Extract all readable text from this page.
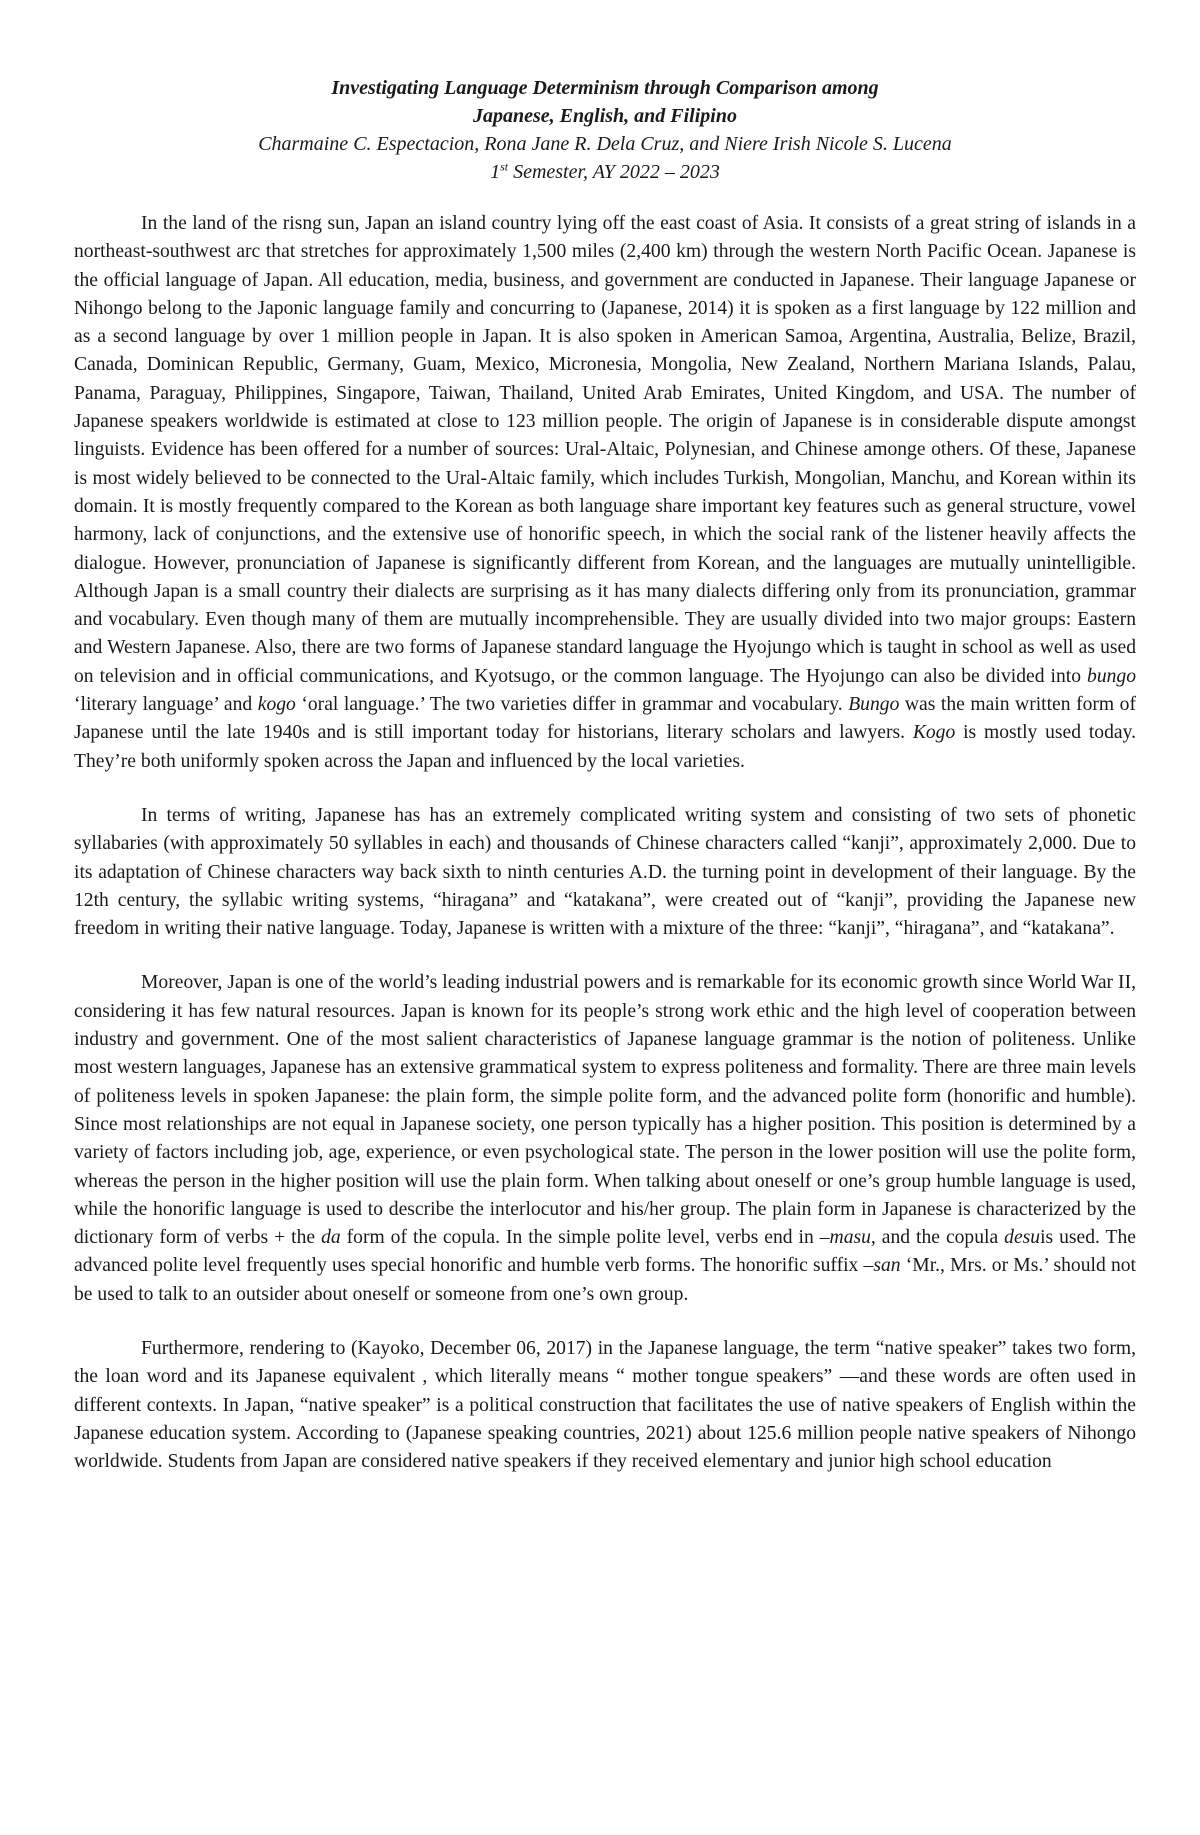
Investigating Language Determinism through Comparison among
Japanese, English, and Filipino
Charmaine C. Espectacion, Rona Jane R. Dela Cruz, and Niere Irish Nicole S. Lucena
1st Semester, AY 2022 – 2023

In the land of the risng sun, Japan an island country lying off the east coast of Asia. It consists of a great string of islands in a northeast-southwest arc that stretches for approximately 1,500 miles (2,400 km) through the western North Pacific Ocean. Japanese is the official language of Japan. All education, media, business, and government are conducted in Japanese. Their language Japanese or Nihongo belong to the Japonic language family and concurring to (Japanese, 2014) it is spoken as a first language by 122 million and as a second language by over 1 million people in Japan. It is also spoken in American Samoa, Argentina, Australia, Belize, Brazil, Canada, Dominican Republic, Germany, Guam, Mexico, Micronesia, Mongolia, New Zealand, Northern Mariana Islands, Palau, Panama, Paraguay, Philippines, Singapore, Taiwan, Thailand, United Arab Emirates, United Kingdom, and USA. The number of Japanese speakers worldwide is estimated at close to 123 million people. The origin of Japanese is in considerable dispute amongst linguists. Evidence has been offered for a number of sources: Ural-Altaic, Polynesian, and Chinese amonge others. Of these, Japanese is most widely believed to be connected to the Ural-Altaic family, which includes Turkish, Mongolian, Manchu, and Korean within its domain. It is mostly frequently compared to the Korean as both language share important key features such as general structure, vowel harmony, lack of conjunctions, and the extensive use of honorific speech, in which the social rank of the listener heavily affects the dialogue. However, pronunciation of Japanese is significantly different from Korean, and the languages are mutually unintelligible. Although Japan is a small country their dialects are surprising as it has many dialects differing only from its pronunciation, grammar and vocabulary. Even though many of them are mutually incomprehensible. They are usually divided into two major groups: Eastern and Western Japanese. Also, there are two forms of Japanese standard language the Hyojungo which is taught in school as well as used on television and in official communications, and Kyotsugo, or the common language. The Hyojungo can also be divided into bungo ‘literary language’ and kogo ‘oral language.’ The two varieties differ in grammar and vocabulary. Bungo was the main written form of Japanese until the late 1940s and is still important today for historians, literary scholars and lawyers. Kogo is mostly used today. They’re both uniformly spoken across the Japan and influenced by the local varieties.

In terms of writing, Japanese has has an extremely complicated writing system and consisting of two sets of phonetic syllabaries (with approximately 50 syllables in each) and thousands of Chinese characters called “kanji”, approximately 2,000. Due to its adaptation of Chinese characters way back sixth to ninth centuries A.D. the turning point in development of their language. By the 12th century, the syllabic writing systems, “hiragana” and “katakana”, were created out of “kanji”, providing the Japanese new freedom in writing their native language. Today, Japanese is written with a mixture of the three: “kanji”, “hiragana”, and “katakana”.

Moreover, Japan is one of the world’s leading industrial powers and is remarkable for its economic growth since World War II, considering it has few natural resources. Japan is known for its people’s strong work ethic and the high level of cooperation between industry and government. One of the most salient characteristics of Japanese language grammar is the notion of politeness. Unlike most western languages, Japanese has an extensive grammatical system to express politeness and formality. There are three main levels of politeness levels in spoken Japanese: the plain form, the simple polite form, and the advanced polite form (honorific and humble). Since most relationships are not equal in Japanese society, one person typically has a higher position. This position is determined by a variety of factors including job, age, experience, or even psychological state. The person in the lower position will use the polite form, whereas the person in the higher position will use the plain form. When talking about oneself or one’s group humble language is used, while the honorific language is used to describe the interlocutor and his/her group. The plain form in Japanese is characterized by the dictionary form of verbs + the da form of the copula. In the simple polite level, verbs end in –masu, and the copula desuis used. The advanced polite level frequently uses special honorific and humble verb forms. The honorific suffix –san ‘Mr., Mrs. or Ms.’ should not be used to talk to an outsider about oneself or someone from one’s own group.

Furthermore, rendering to (Kayoko, December 06, 2017) in the Japanese language, the term “native speaker” takes two form, the loan word and its Japanese equivalent , which literally means “ mother tongue speakers” —and these words are often used in different contexts. In Japan, “native speaker” is a political construction that facilitates the use of native speakers of English within the Japanese education system. According to (Japanese speaking countries, 2021) about 125.6 million people native speakers of Nihongo worldwide. Students from Japan are considered native speakers if they received elementary and junior high school education
